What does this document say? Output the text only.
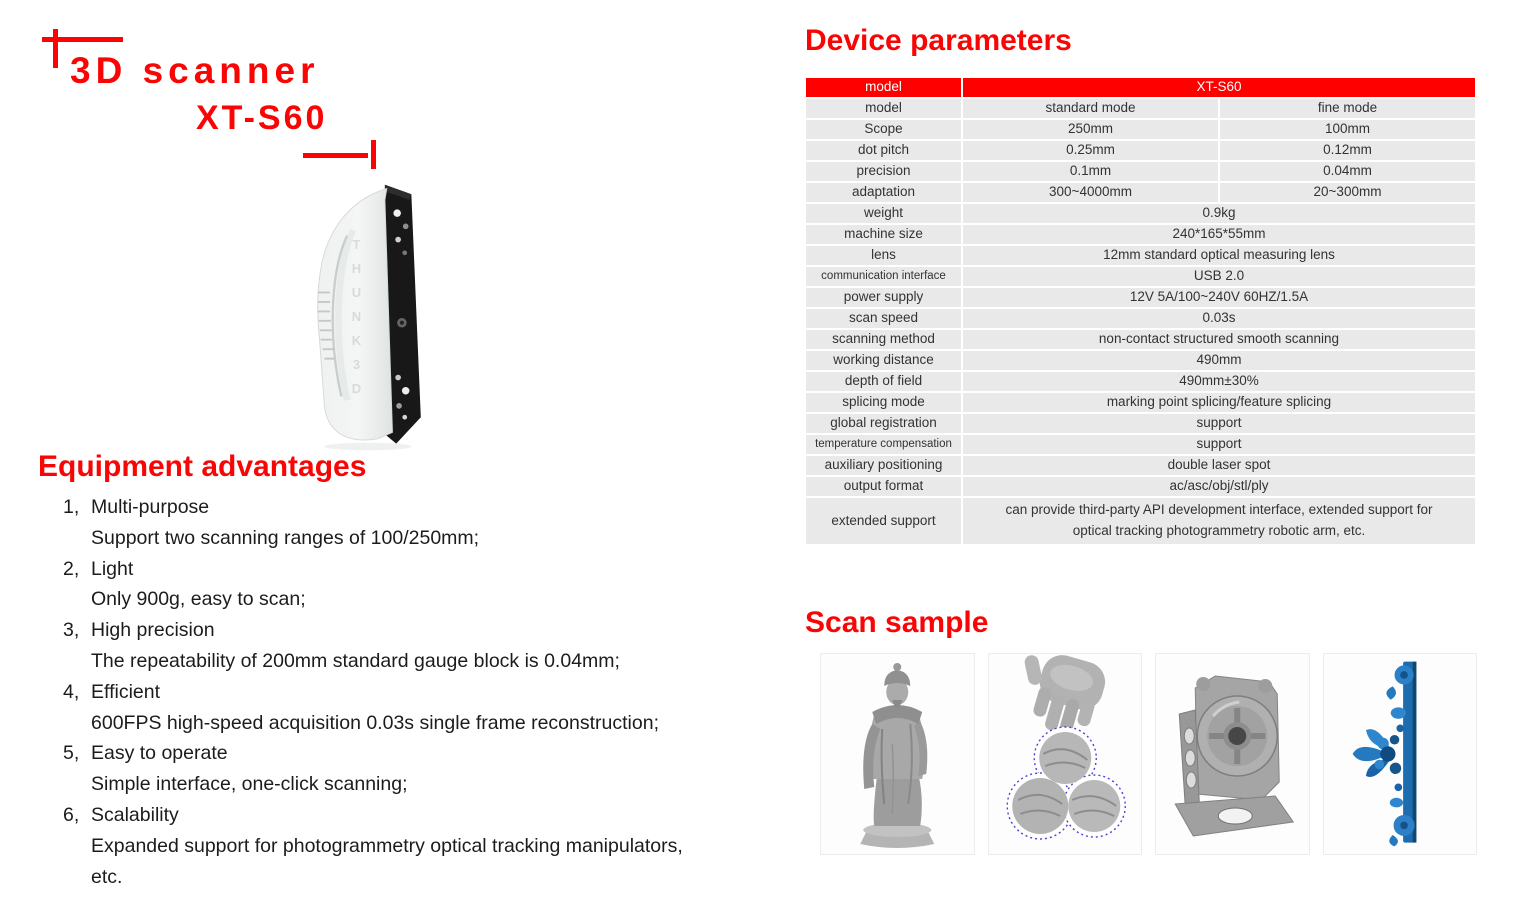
3D scanner
XT-S60
THUNK3D
Equipment advantages
1, Multi-purpose
Support two scanning ranges of 100/250mm;
2, Light
Only 900g, easy to scan;
3, High precision
The repeatability of 200mm standard gauge block is 0.04mm;
4, Efficient
600FPS high-speed acquisition 0.03s single frame reconstruction;
5, Easy to operate
Simple interface, one-click scanning;
6, Scalability
Expanded support for photogrammetry optical tracking manipulators, etc.
Device parameters
model	XT-S60	
model	standard mode	fine mode
Scope	250mm	100mm
dot pitch	0.25mm	0.12mm
precision	0.1mm	0.04mm
adaptation	300~4000mm	20~300mm
weight	0.9kg	
machine size	240*165*55mm	
lens	12mm standard optical measuring lens	
communication interface	USB 2.0	
power supply	12V 5A/100~240V 60HZ/1.5A	
scan speed	0.03s	
scanning method	non-contact structured smooth scanning	
working distance	490mm	
depth of field	490mm±30%	
splicing mode	marking point splicing/feature splicing	
global registration	support	
temperature compensation	support	
auxiliary positioning	double laser spot	
output format	ac/asc/obj/stl/ply	
extended support	can provide third-party API development interface, extended support for optical tracking photogrammetry robotic arm, etc.	
Scan sample
